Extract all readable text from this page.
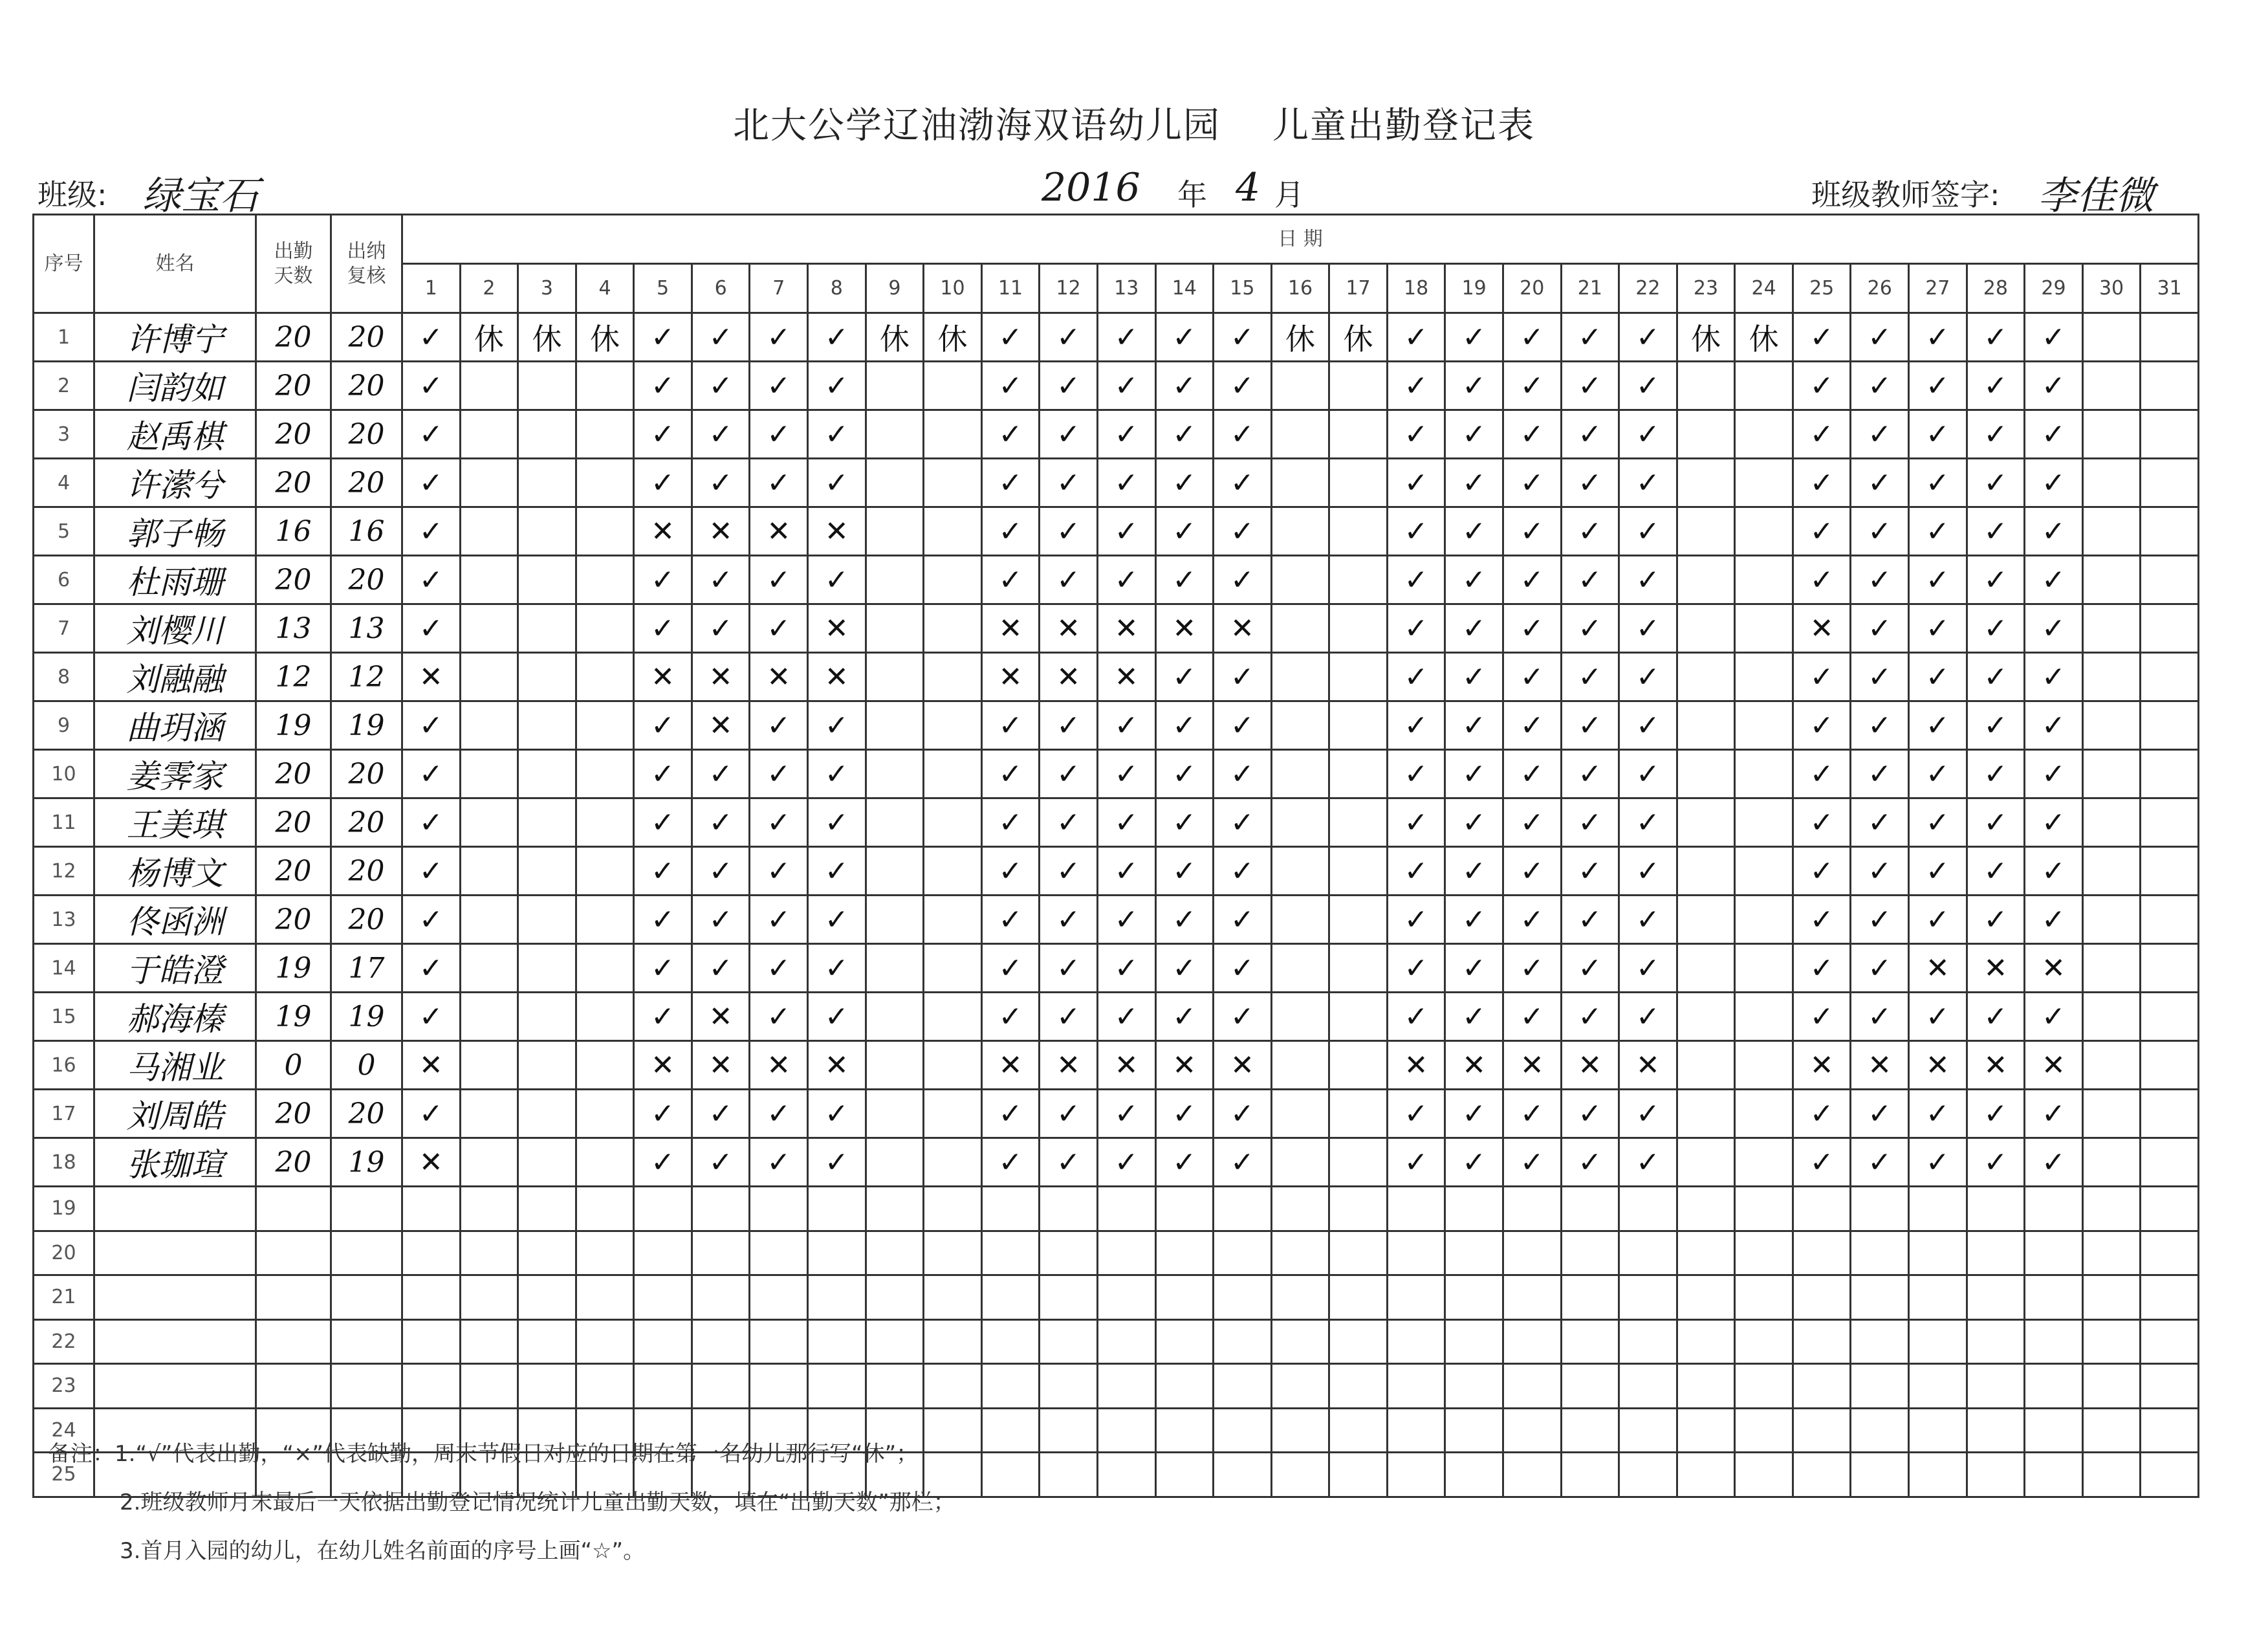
北大公学辽油渤海双语幼儿园 儿童出勤登记表
班级: 绿宝石	2016 年 4 月	班级教师签字: 李佳微
序号	姓名	出勤天数	出纳复核	日 期																														
				1	2	3	4	5	6	7	8	9	10	11	12	13	14	15	16	17	18	19	20	21	22	23	24	25	26	27	28	29	30	31
1	许博宁	20	20	✓	休	休	休	✓	✓	✓	✓	休	休	✓	✓	✓	✓	✓	休	休	✓	✓	✓	✓	✓	休	休	✓	✓	✓	✓	✓		
2	闫韵如	20	20	✓				✓	✓	✓	✓			✓	✓	✓	✓	✓			✓	✓	✓	✓	✓			✓	✓	✓	✓	✓		
3	赵禹棋	20	20	✓				✓	✓	✓	✓			✓	✓	✓	✓	✓			✓	✓	✓	✓	✓			✓	✓	✓	✓	✓		
4	许潆兮	20	20	✓				✓	✓	✓	✓			✓	✓	✓	✓	✓			✓	✓	✓	✓	✓			✓	✓	✓	✓	✓		
5	郭子畅	16	16	✓				✕	✕	✕	✕			✓	✓	✓	✓	✓			✓	✓	✓	✓	✓			✓	✓	✓	✓	✓		
6	杜雨珊	20	20	✓				✓	✓	✓	✓			✓	✓	✓	✓	✓			✓	✓	✓	✓	✓			✓	✓	✓	✓	✓		
7	刘樱川	13	13	✓				✓	✓	✓	✕			✕	✕	✕	✕	✕			✓	✓	✓	✓	✓			✕	✓	✓	✓	✓		
8	刘融融	12	12	✕				✕	✕	✕	✕			✕	✕	✕	✓	✓			✓	✓	✓	✓	✓			✓	✓	✓	✓	✓		
9	曲玥涵	19	19	✓				✓	✕	✓	✓			✓	✓	✓	✓	✓			✓	✓	✓	✓	✓			✓	✓	✓	✓	✓		
10	姜霁家	20	20	✓				✓	✓	✓	✓			✓	✓	✓	✓	✓			✓	✓	✓	✓	✓			✓	✓	✓	✓	✓		
11	王美琪	20	20	✓				✓	✓	✓	✓			✓	✓	✓	✓	✓			✓	✓	✓	✓	✓			✓	✓	✓	✓	✓		
12	杨博文	20	20	✓				✓	✓	✓	✓			✓	✓	✓	✓	✓			✓	✓	✓	✓	✓			✓	✓	✓	✓	✓		
13	佟函洲	20	20	✓				✓	✓	✓	✓			✓	✓	✓	✓	✓			✓	✓	✓	✓	✓			✓	✓	✓	✓	✓		
14	于皓澄	19	17	✓				✓	✓	✓	✓			✓	✓	✓	✓	✓			✓	✓	✓	✓	✓			✓	✓	✕	✕	✕		
15	郝海榛	19	19	✓				✓	✕	✓	✓			✓	✓	✓	✓	✓			✓	✓	✓	✓	✓			✓	✓	✓	✓	✓		
16	马湘业	0	0	✕				✕	✕	✕	✕			✕	✕	✕	✕	✕			✕	✕	✕	✕	✕			✕	✕	✕	✕	✕		
17	刘周皓	20	20	✓				✓	✓	✓	✓			✓	✓	✓	✓	✓			✓	✓	✓	✓	✓			✓	✓	✓	✓	✓		
18	张珈瑄	20	19	✕				✓	✓	✓	✓			✓	✓	✓	✓	✓			✓	✓	✓	✓	✓			✓	✓	✓	✓	✓		
19																																		
20																																		
21																																		
22																																		
23																																		
24																																		
25																																		
备注：1.“√”代表出勤，“×”代表缺勤，周末节假日对应的日期在第一名幼儿那行写“休”；
2.班级教师月末最后一天依据出勤登记情况统计儿童出勤天数，填在“出勤天数”那栏；
3.首月入园的幼儿，在幼儿姓名前面的序号上画“☆”。
